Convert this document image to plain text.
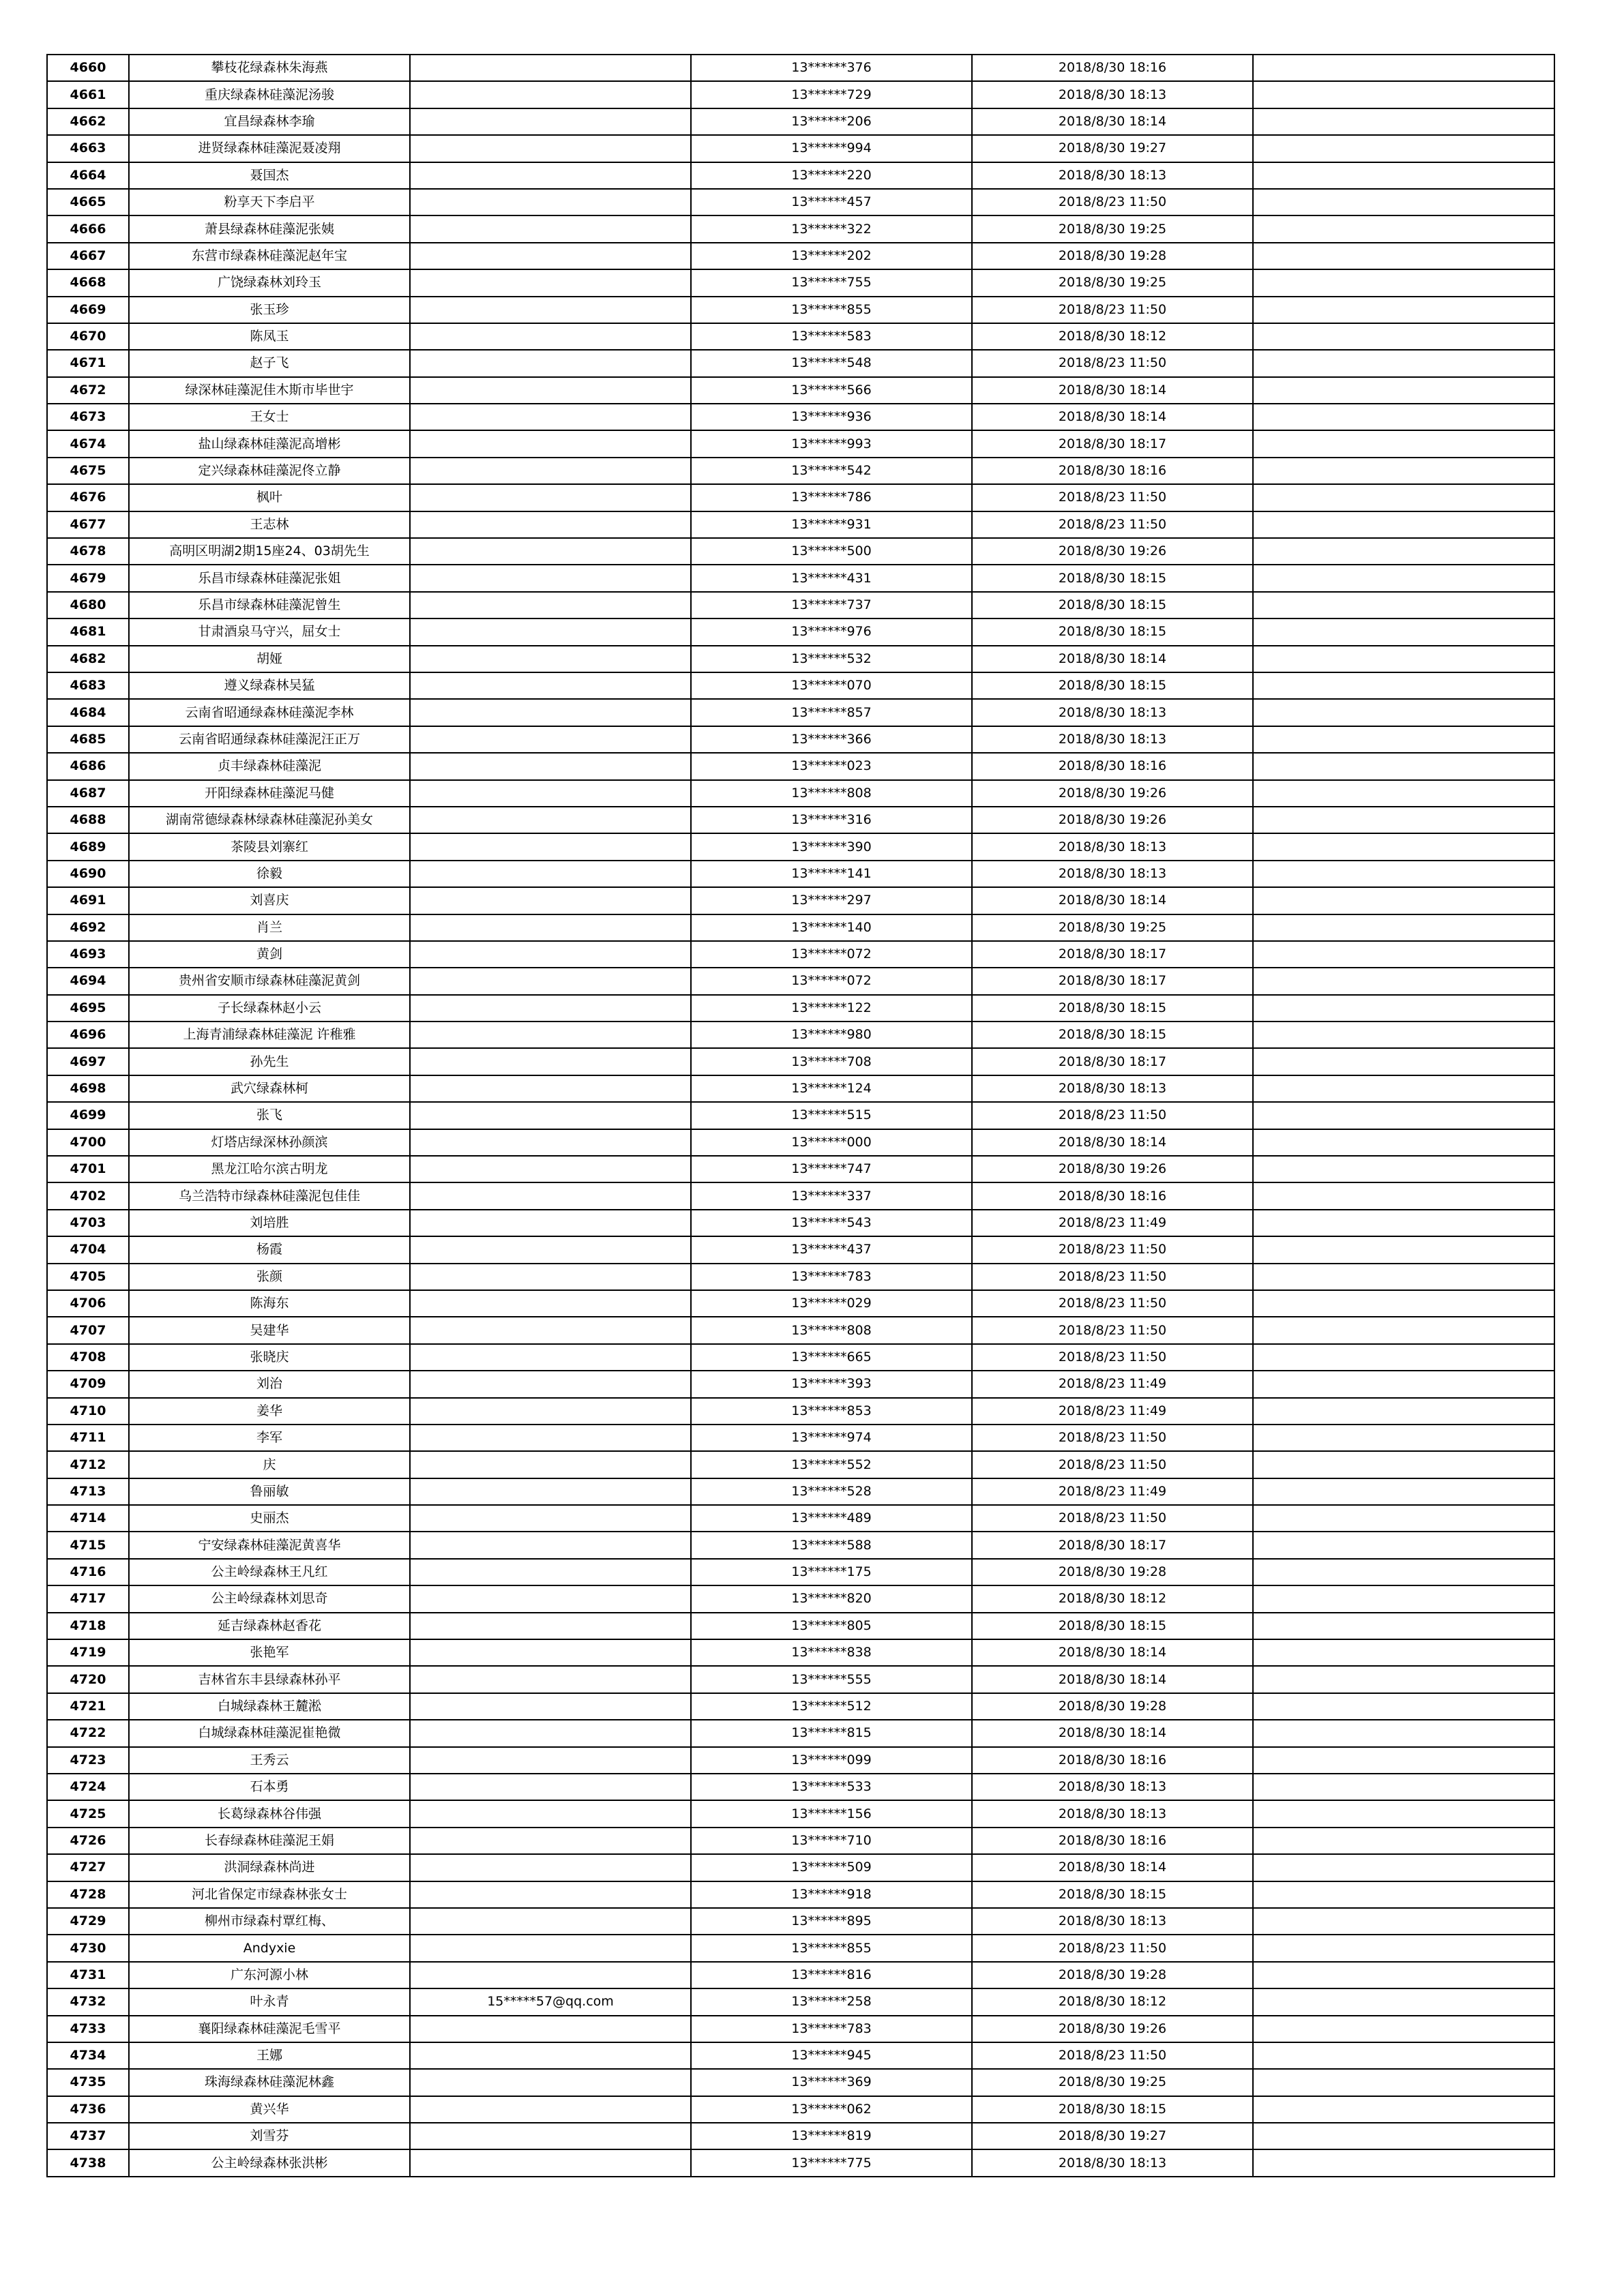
4660	攀枝花绿森林朱海燕		13******376	2018/8/30 18:16	
4661	重庆绿森林硅藻泥汤骏		13******729	2018/8/30 18:13	
4662	宜昌绿森林李瑜		13******206	2018/8/30 18:14	
4663	进贤绿森林硅藻泥聂凌翔		13******994	2018/8/30 19:27	
4664	聂国杰		13******220	2018/8/30 18:13	
4665	粉享天下李启平		13******457	2018/8/23 11:50	
4666	萧县绿森林硅藻泥张姨		13******322	2018/8/30 19:25	
4667	东营市绿森林硅藻泥赵年宝		13******202	2018/8/30 19:28	
4668	广饶绿森林刘玲玉		13******755	2018/8/30 19:25	
4669	张玉珍		13******855	2018/8/23 11:50	
4670	陈凤玉		13******583	2018/8/30 18:12	
4671	赵子飞		13******548	2018/8/23 11:50	
4672	绿深林硅藻泥佳木斯市毕世宇		13******566	2018/8/30 18:14	
4673	王女士		13******936	2018/8/30 18:14	
4674	盐山绿森林硅藻泥高增彬		13******993	2018/8/30 18:17	
4675	定兴绿森林硅藻泥佟立静		13******542	2018/8/30 18:16	
4676	枫叶		13******786	2018/8/23 11:50	
4677	王志林		13******931	2018/8/23 11:50	
4678	高明区明湖2期15座24、03胡先生		13******500	2018/8/30 19:26	
4679	乐昌市绿森林硅藻泥张姐		13******431	2018/8/30 18:15	
4680	乐昌市绿森林硅藻泥曾生		13******737	2018/8/30 18:15	
4681	甘肃酒泉马守兴，屈女士		13******976	2018/8/30 18:15	
4682	胡娅		13******532	2018/8/30 18:14	
4683	遵义绿森林吴猛		13******070	2018/8/30 18:15	
4684	云南省昭通绿森林硅藻泥李林		13******857	2018/8/30 18:13	
4685	云南省昭通绿森林硅藻泥汪正万		13******366	2018/8/30 18:13	
4686	贞丰绿森林硅藻泥		13******023	2018/8/30 18:16	
4687	开阳绿森林硅藻泥马健		13******808	2018/8/30 19:26	
4688	湖南常德绿森林绿森林硅藻泥孙美女		13******316	2018/8/30 19:26	
4689	茶陵县刘寨红		13******390	2018/8/30 18:13	
4690	徐毅		13******141	2018/8/30 18:13	
4691	刘喜庆		13******297	2018/8/30 18:14	
4692	肖兰		13******140	2018/8/30 19:25	
4693	黄剑		13******072	2018/8/30 18:17	
4694	贵州省安顺市绿森林硅藻泥黄剑		13******072	2018/8/30 18:17	
4695	子长绿森林赵小云		13******122	2018/8/30 18:15	
4696	上海青浦绿森林硅藻泥 许稚雅		13******980	2018/8/30 18:15	
4697	孙先生		13******708	2018/8/30 18:17	
4698	武穴绿森林柯		13******124	2018/8/30 18:13	
4699	张飞		13******515	2018/8/23 11:50	
4700	灯塔店绿深林孙颜滨		13******000	2018/8/30 18:14	
4701	黑龙江哈尔滨古明龙		13******747	2018/8/30 19:26	
4702	乌兰浩特市绿森林硅藻泥包佳佳		13******337	2018/8/30 18:16	
4703	刘培胜		13******543	2018/8/23 11:49	
4704	杨霞		13******437	2018/8/23 11:50	
4705	张颜		13******783	2018/8/23 11:50	
4706	陈海东		13******029	2018/8/23 11:50	
4707	吴建华		13******808	2018/8/23 11:50	
4708	张晓庆		13******665	2018/8/23 11:50	
4709	刘治		13******393	2018/8/23 11:49	
4710	姜华		13******853	2018/8/23 11:49	
4711	李军		13******974	2018/8/23 11:50	
4712	庆		13******552	2018/8/23 11:50	
4713	鲁丽敏		13******528	2018/8/23 11:49	
4714	史丽杰		13******489	2018/8/23 11:50	
4715	宁安绿森林硅藻泥黄喜华		13******588	2018/8/30 18:17	
4716	公主岭绿森林王凡红		13******175	2018/8/30 19:28	
4717	公主岭绿森林刘思奇		13******820	2018/8/30 18:12	
4718	延吉绿森林赵香花		13******805	2018/8/30 18:15	
4719	张艳军		13******838	2018/8/30 18:14	
4720	吉林省东丰县绿森林孙平		13******555	2018/8/30 18:14	
4721	白城绿森林王麓淞		13******512	2018/8/30 19:28	
4722	白城绿森林硅藻泥崔艳微		13******815	2018/8/30 18:14	
4723	王秀云		13******099	2018/8/30 18:16	
4724	石本勇		13******533	2018/8/30 18:13	
4725	长葛绿森林谷伟强		13******156	2018/8/30 18:13	
4726	长春绿森林硅藻泥王娟		13******710	2018/8/30 18:16	
4727	洪洞绿森林尚进		13******509	2018/8/30 18:14	
4728	河北省保定市绿森林张女士		13******918	2018/8/30 18:15	
4729	柳州市绿森村覃红梅、		13******895	2018/8/30 18:13	
4730	Andyxie		13******855	2018/8/23 11:50	
4731	广东河源小林		13******816	2018/8/30 19:28	
4732	叶永青	15*****57@qq.com	13******258	2018/8/30 18:12	
4733	襄阳绿森林硅藻泥毛雪平		13******783	2018/8/30 19:26	
4734	王娜		13******945	2018/8/23 11:50	
4735	珠海绿森林硅藻泥林鑫		13******369	2018/8/30 19:25	
4736	黄兴华		13******062	2018/8/30 18:15	
4737	刘雪芬		13******819	2018/8/30 19:27	
4738	公主岭绿森林张洪彬		13******775	2018/8/30 18:13	
